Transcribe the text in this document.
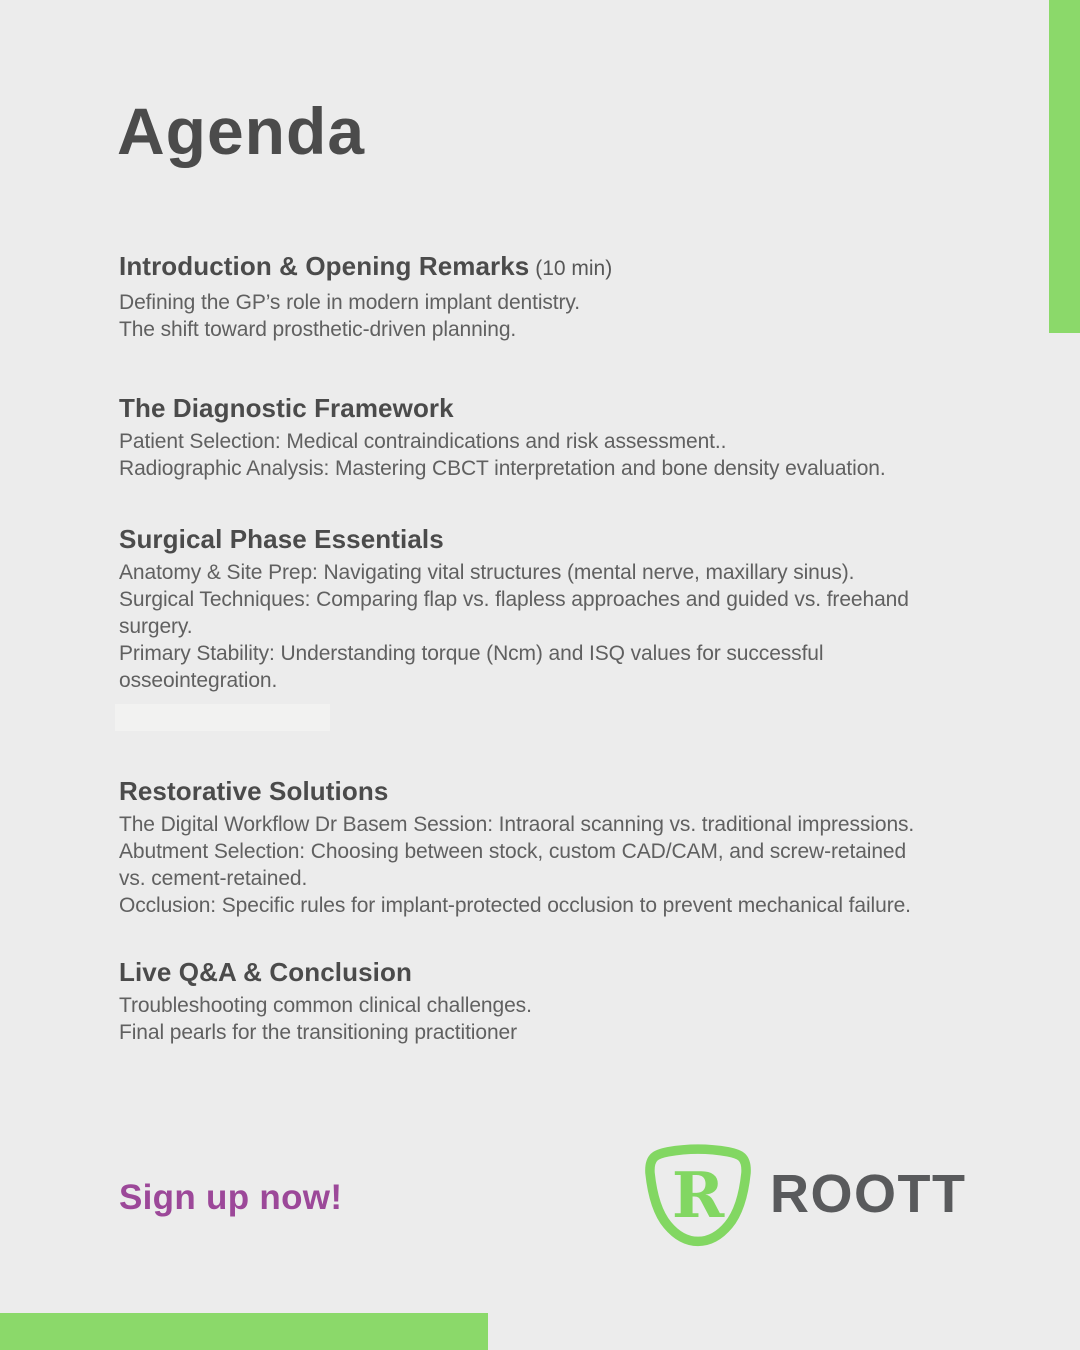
Agenda
Introduction & Opening Remarks (10 min)
Defining the GP’s role in modern implant dentistry.
The shift toward prosthetic-driven planning.
The Diagnostic Framework
Patient Selection: Medical contraindications and risk assessment..
Radiographic Analysis: Mastering CBCT interpretation and bone density evaluation.
Surgical Phase Essentials
Anatomy & Site Prep: Navigating vital structures (mental nerve, maxillary sinus).
Surgical Techniques: Comparing flap vs. flapless approaches and guided vs. freehand
surgery.
Primary Stability: Understanding torque (Ncm) and ISQ values for successful
osseointegration.
Restorative Solutions
The Digital Workflow Dr Basem Session: Intraoral scanning vs. traditional impressions.
Abutment Selection: Choosing between stock, custom CAD/CAM, and screw-retained
vs. cement-retained.
Occlusion: Specific rules for implant-protected occlusion to prevent mechanical failure.
Live Q&A & Conclusion
Troubleshooting common clinical challenges.
Final pearls for the transitioning practitioner
Sign up now!	R ROOTT
